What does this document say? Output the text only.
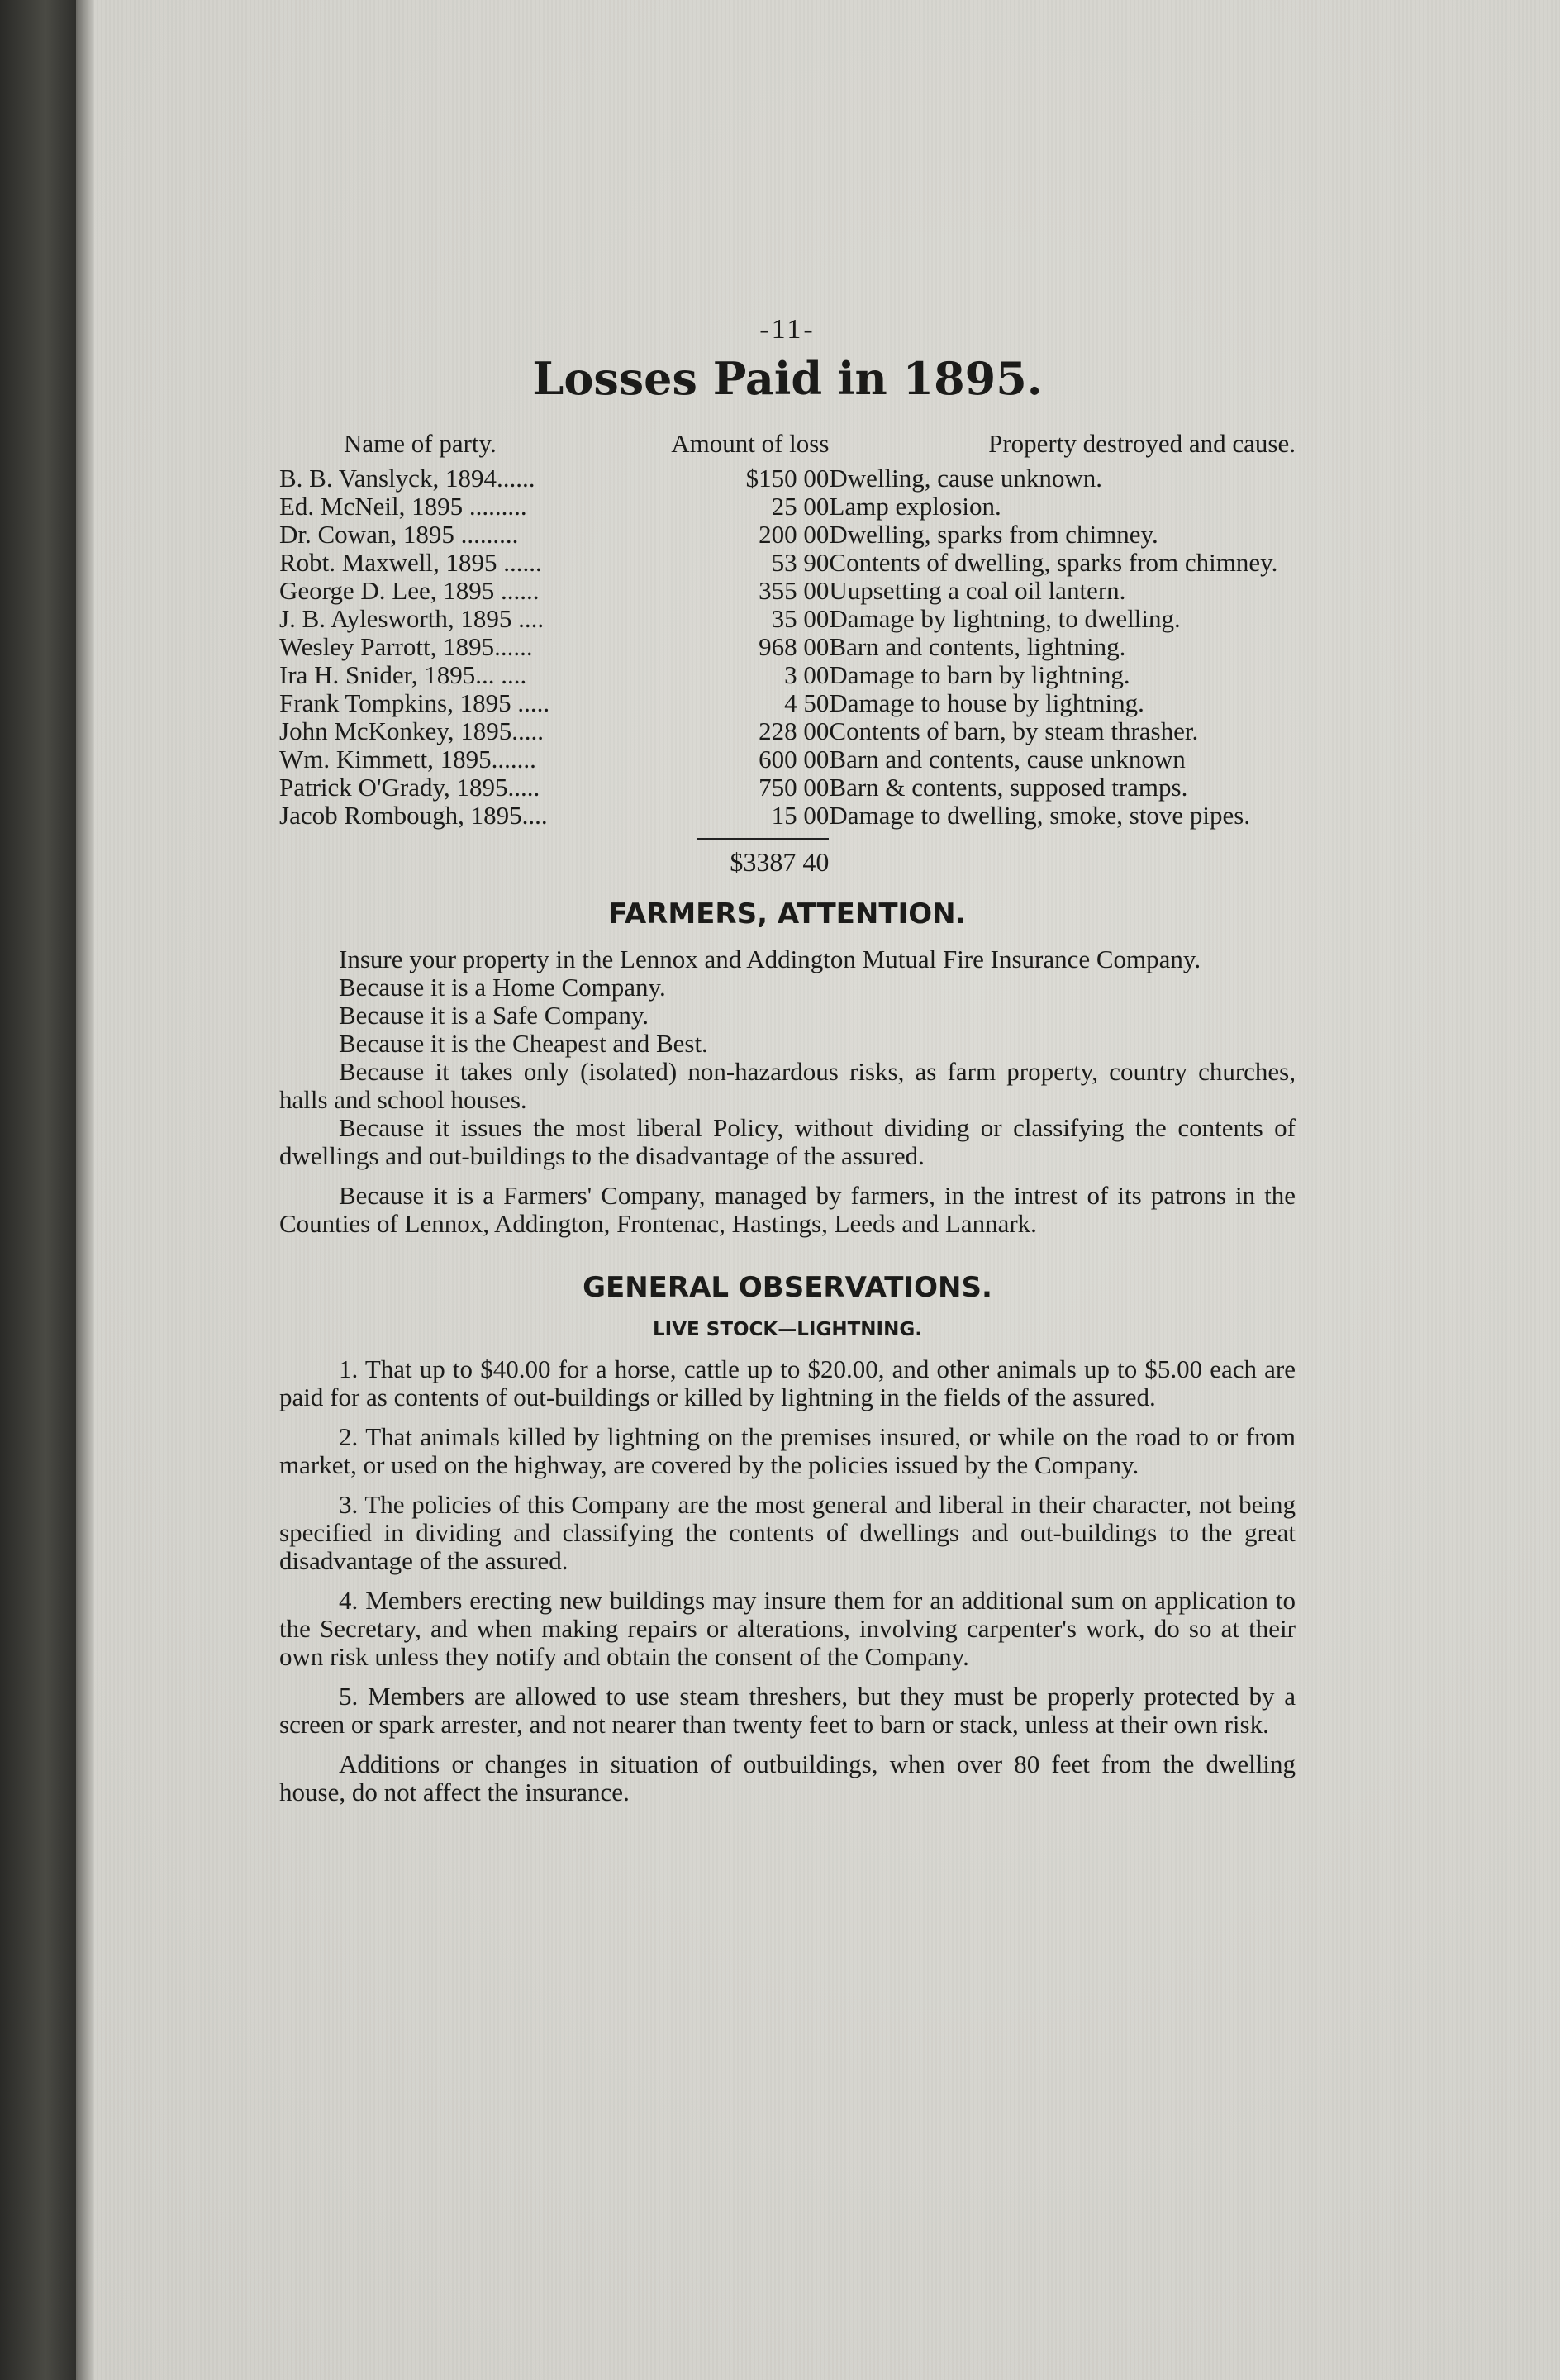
-11-
Losses Paid in 1895.
Name of party.	Amount of loss	Property destroyed and cause.
B. B. Vanslyck, 1894......	$150 00	Dwelling, cause unknown.
Ed. McNeil, 1895 .........	25 00	Lamp explosion.
Dr. Cowan, 1895 .........	200 00	Dwelling, sparks from chimney.
Robt. Maxwell, 1895 ......	53 90	Contents of dwelling, sparks from chimney.
George D. Lee, 1895 ......	355 00	Uupsetting a coal oil lantern.
J. B. Aylesworth, 1895 ....	35 00	Damage by lightning, to dwelling.
Wesley Parrott, 1895......	968 00	Barn and contents, lightning.
Ira H. Snider, 1895... ....	3 00	Damage to barn by lightning.
Frank Tompkins, 1895 .....	4 50	Damage to house by lightning.
John McKonkey, 1895.....	228 00	Contents of barn, by steam thrasher.
Wm. Kimmett, 1895.......	600 00	Barn and contents, cause unknown
Patrick O'Grady, 1895.....	750 00	Barn & contents, supposed tramps.
Jacob Rombough, 1895....	15 00	Damage to dwelling, smoke, stove pipes.

$3387 40	
FARMERS, ATTENTION.

Insure your property in the Lennox and Addington Mutual Fire Insurance Company.

Because it is a Home Company.

Because it is a Safe Company.

Because it is the Cheapest and Best.

Because it takes only (isolated) non-hazardous risks, as farm property, country churches, halls and school houses.

Because it issues the most liberal Policy, without dividing or classifying the contents of dwellings and out-buildings to the disadvantage of the assured.

Because it is a Farmers' Company, managed by farmers, in the intrest of its patrons in the Counties of Lennox, Addington, Frontenac, Hastings, Leeds and Lannark.

GENERAL OBSERVATIONS.
LIVE STOCK—LIGHTNING.

1. That up to $40.00 for a horse, cattle up to $20.00, and other animals up to $5.00 each are paid for as contents of out-buildings or killed by lightning in the fields of the assured.

2. That animals killed by lightning on the premises insured, or while on the road to or from market, or used on the highway, are covered by the policies issued by the Company.

3. The policies of this Company are the most general and liberal in their character, not being specified in dividing and classifying the contents of dwellings and out-buildings to the great disadvantage of the assured.

4. Members erecting new buildings may insure them for an additional sum on application to the Secretary, and when making repairs or alterations, involving carpenter's work, do so at their own risk unless they notify and obtain the consent of the Company.

5. Members are allowed to use steam threshers, but they must be properly protected by a screen or spark arrester, and not nearer than twenty feet to barn or stack, unless at their own risk.

Additions or changes in situation of outbuildings, when over 80 feet from the dwelling house, do not affect the insurance.
